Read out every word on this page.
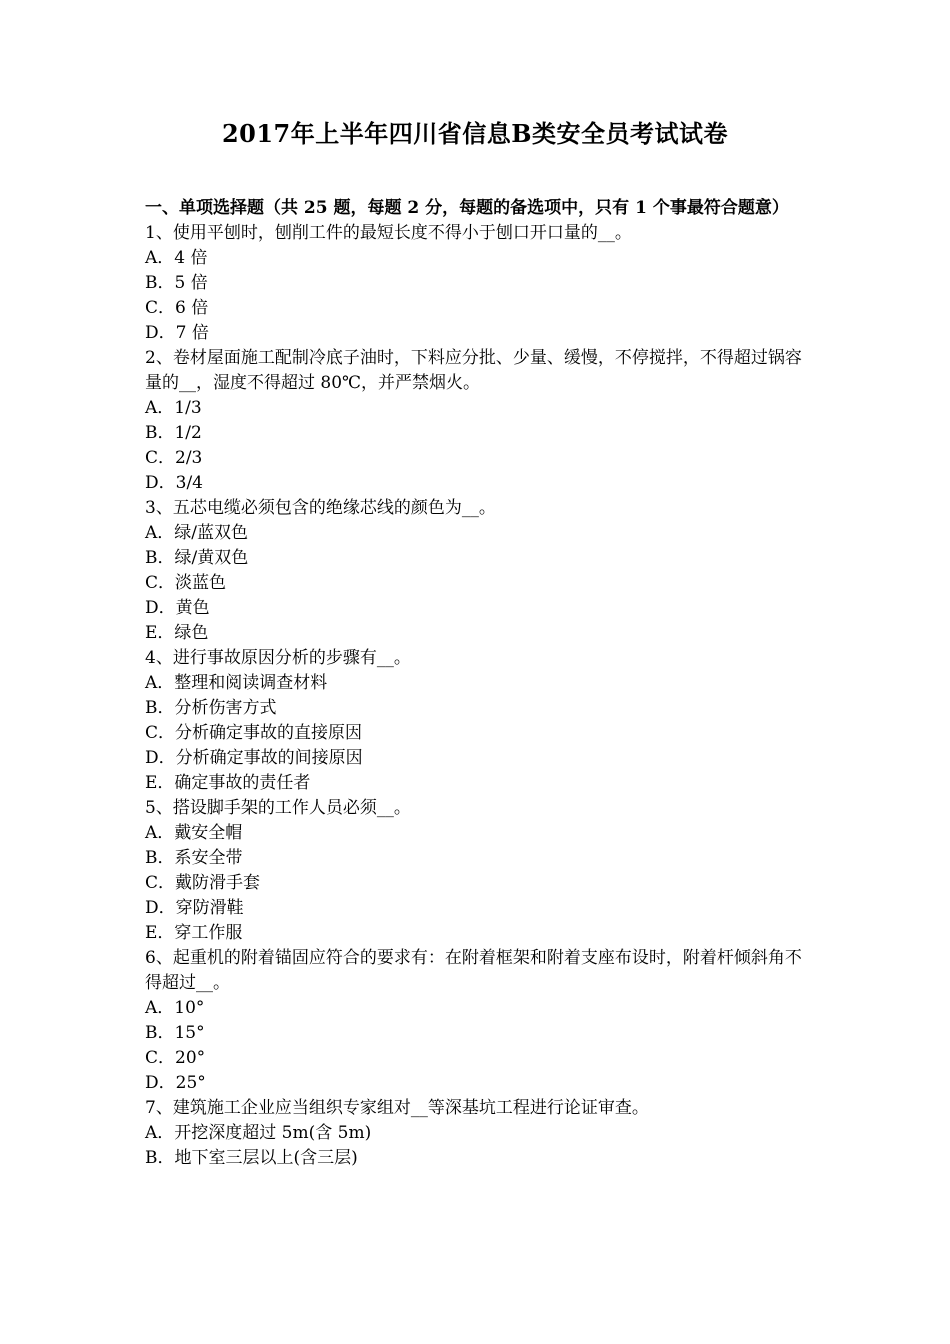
2017年上半年四川省信息B类安全员考试试卷

一、单项选择题（共 25 题，每题 2 分，每题的备选项中，只有 1 个事最符合题意）

1、使用平刨时，刨削工件的最短长度不得小于刨口开口量的__。

A．4 倍

B．5 倍

C．6 倍

D．7 倍

2、卷材屋面施工配制冷底子油时，下料应分批、少量、缓慢，不停搅拌，不得超过锅容量的__，湿度不得超过 80℃，并严禁烟火。

A．1/3

B．1/2

C．2/3

D．3/4

3、五芯电缆必须包含的绝缘芯线的颜色为__。

A．绿/蓝双色

B．绿/黄双色

C．淡蓝色

D．黄色

E．绿色

4、进行事故原因分析的步骤有__。

A．整理和阅读调查材料

B．分析伤害方式

C．分析确定事故的直接原因

D．分析确定事故的间接原因

E．确定事故的责任者

5、搭设脚手架的工作人员必须__。

A．戴安全帽

B．系安全带

C．戴防滑手套

D．穿防滑鞋

E．穿工作服

6、起重机的附着锚固应符合的要求有：在附着框架和附着支座布设时，附着杆倾斜角不得超过__。

A．10°

B．15°

C．20°

D．25°

7、建筑施工企业应当组织专家组对__等深基坑工程进行论证审查。

A．开挖深度超过 5m(含 5m)

B．地下室三层以上(含三层)
